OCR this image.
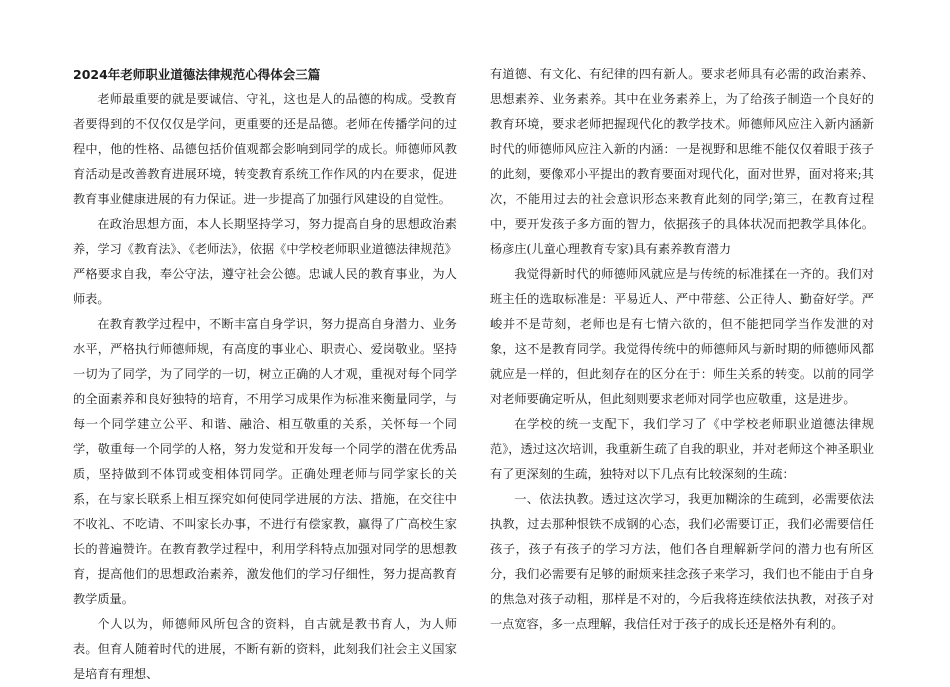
2024年老师职业道德法律规范心得体会三篇

老师最重要的就是要诚信、守礼，这也是人的品德的构成。受教育者要得到的不仅仅仅是学问，更重要的还是品德。老师在传播学问的过程中，他的性格、品德包括价值观都会影响到同学的成长。师德师风教育活动是改善教育进展环境，转变教育系统工作作风的内在要求，促进教育事业健康进展的有力保证。进一步提高了加强行风建设的自觉性。

在政治思想方面，本人长期坚持学习，努力提高自身的思想政治素养，学习《教育法》、《老师法》，依据《中学校老师职业道德法律规范》严格要求自我，奉公守法，遵守社会公德。忠诚人民的教育事业，为人师表。

在教育教学过程中，不断丰富自身学识，努力提高自身潜力、业务水平，严格执行师德师规，有高度的事业心、职责心、爱岗敬业。坚持一切为了同学，为了同学的一切，树立正确的人才观，重视对每个同学的全面素养和良好独特的培育，不用学习成果作为标准来衡量同学，与每一个同学建立公平、和谐、融洽、相互敬重的关系，关怀每一个同学，敬重每一个同学的人格，努力发觉和开发每一个同学的潜在优秀品质，坚持做到不体罚或变相体罚同学。正确处理老师与同学家长的关系，在与家长联系上相互探究如何使同学进展的方法、措施，在交往中不收礼、不吃请、不叫家长办事，不进行有偿家教，赢得了广高校生家长的普遍赞许。在教育教学过程中，利用学科特点加强对同学的思想教育，提高他们的思想政治素养，激发他们的学习仔细性，努力提高教育教学质量。

个人以为，师德师风所包含的资料，自古就是教书育人，为人师表。但育人随着时代的进展，不断有新的资料，此刻我们社会主义国家是培育有理想、

有道德、有文化、有纪律的四有新人。要求老师具有必需的政治素养、思想素养、业务素养。其中在业务素养上，为了给孩子制造一个良好的教育环境，要求老师把握现代化的教学技术。师德师风应注入新内涵新时代的师德师风应注入新的内涵：一是视野和思维不能仅仅着眼于孩子的此刻，要像邓小平提出的教育要面对现代化，面对世界，面对将来;其次，不能用过去的社会意识形态来教育此刻的同学;第三，在教育过程中，要开发孩子多方面的智力，依据孩子的具体状况而把教学具体化。杨彦庄(儿童心理教育专家)具有素养教育潜力

我觉得新时代的师德师风就应是与传统的标准揉在一齐的。我们对班主任的选取标准是：平易近人、严中带慈、公正待人、勤奋好学。严峻并不是苛刻，老师也是有七情六欲的，但不能把同学当作发泄的对象，这不是教育同学。我觉得传统中的师德师风与新时期的师德师风都就应是一样的，但此刻存在的区分在于：师生关系的转变。以前的同学对老师要确定听从，但此刻则要求老师对同学也应敬重，这是进步。

在学校的统一支配下，我们学习了《中学校老师职业道德法律规范》，透过这次培训，我重新生疏了自我的职业，并对老师这个神圣职业有了更深刻的生疏，独特对以下几点有比较深刻的生疏：

一、依法执教。透过这次学习，我更加糊涂的生疏到，必需要依法执教，过去那种恨铁不成钢的心态，我们必需要订正，我们必需要信任孩子，孩子有孩子的学习方法，他们各自理解新学问的潜力也有所区分，我们必需要有足够的耐烦来挂念孩子来学习，我们也不能由于自身的焦急对孩子动粗，那样是不对的，今后我将连续依法执教，对孩子对一点宽容，多一点理解，我信任对于孩子的成长还是格外有利的。
